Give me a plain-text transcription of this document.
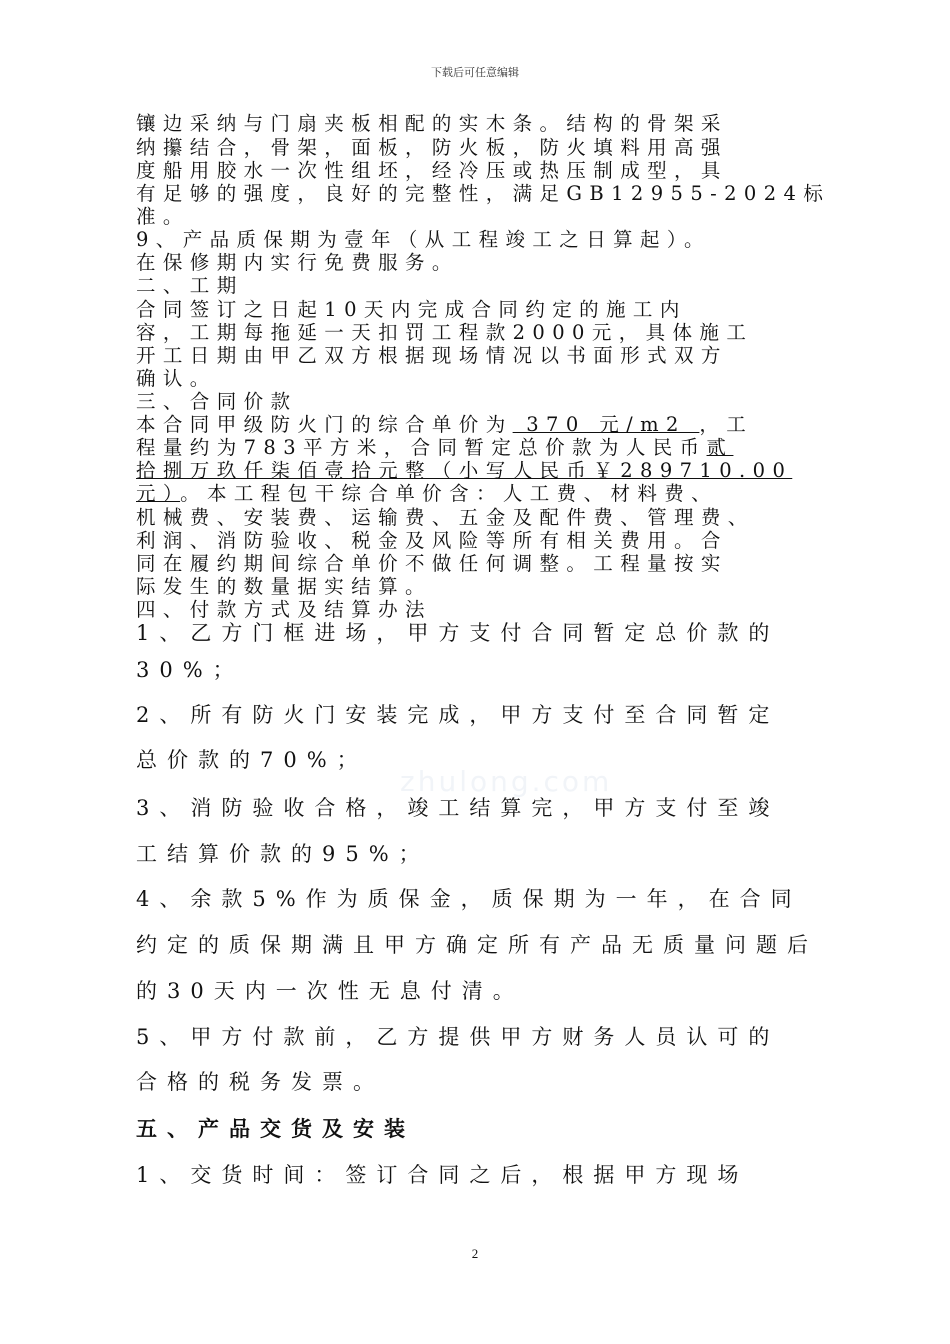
下载后可任意编辑
zhulong.com
镶边采纳与门扇夹板相配的实木条。结构的骨架采
纳攥结合，骨架，面板，防火板，防火填料用高强
度船用胶水一次性组坯，经冷压或热压制成型，具
有足够的强度，良好的完整性，满足GB12955-2024标
准。
9、产品质保期为壹年（从工程竣工之日算起）。
在保修期内实行免费服务。
二、工期
合同签订之日起10天内完成合同约定的施工内
容，工期每拖延一天扣罚工程款2000元，具体施工
开工日期由甲乙双方根据现场情况以书面形式双方
确认。
三、合同价款
本合同甲级防火门的综合单价为 370 元/m2 ，工
程量约为783平方米，合同暂定总价款为人民币贰
拾捌万玖仟柒佰壹拾元整（小写人民币￥289710.00
元）。本工程包干综合单价含：人工费、材料费、
机械费、安装费、运输费、五金及配件费、管理费、
利润、消防验收、税金及风险等所有相关费用。合
同在履约期间综合单价不做任何调整。工程量按实
际发生的数量据实结算。
四、付款方式及结算办法
1、乙方门框进场，甲方支付合同暂定总价款的
30%；
2、所有防火门安装完成，甲方支付至合同暂定
总价款的70%；
3、消防验收合格，竣工结算完，甲方支付至竣
工结算价款的95%；
4、余款5%作为质保金，质保期为一年，在合同
约定的质保期满且甲方确定所有产品无质量问题后
的30天内一次性无息付清。
5、甲方付款前，乙方提供甲方财务人员认可的
合格的税务发票。
五、产品交货及安装
1、交货时间：签订合同之后，根据甲方现场
2
